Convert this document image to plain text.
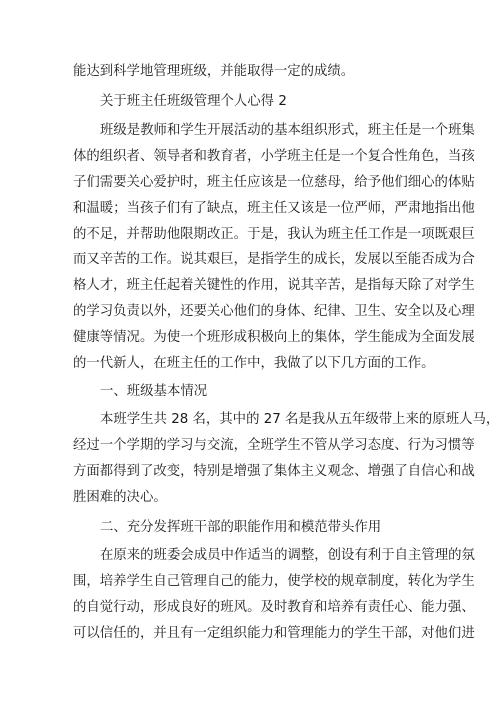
能达到科学地管理班级，并能取得一定的成绩。
关于班主任班级管理个人心得 2
班级是教师和学生开展活动的基本组织形式，班主任是一个班集
体的组织者、领导者和教育者，小学班主任是一个复合性角色，当孩
子们需要关心爱护时，班主任应该是一位慈母，给予他们细心的体贴
和温暖；当孩子们有了缺点，班主任又该是一位严师，严肃地指出他
的不足，并帮助他限期改正。于是，我认为班主任工作是一项既艰巨
而又辛苦的工作。说其艰巨，是指学生的成长，发展以至能否成为合
格人才，班主任起着关键性的作用，说其辛苦，是指每天除了对学生
的学习负责以外，还要关心他们的身体、纪律、卫生、安全以及心理
健康等情况。为使一个班形成积极向上的集体，学生能成为全面发展
的一代新人，在班主任的工作中，我做了以下几方面的工作。
一、班级基本情况
本班学生共 28 名，其中的 27 名是我从五年级带上来的原班人马，
经过一个学期的学习与交流，全班学生不管从学习态度、行为习惯等
方面都得到了改变，特别是增强了集体主义观念、增强了自信心和战
胜困难的决心。
二、充分发挥班干部的职能作用和模范带头作用
在原来的班委会成员中作适当的调整，创设有利于自主管理的氛
围，培养学生自己管理自己的能力，使学校的规章制度，转化为学生
的自觉行动，形成良好的班风。及时教育和培养有责任心、能力强、
可以信任的，并且有一定组织能力和管理能力的学生干部，对他们进
